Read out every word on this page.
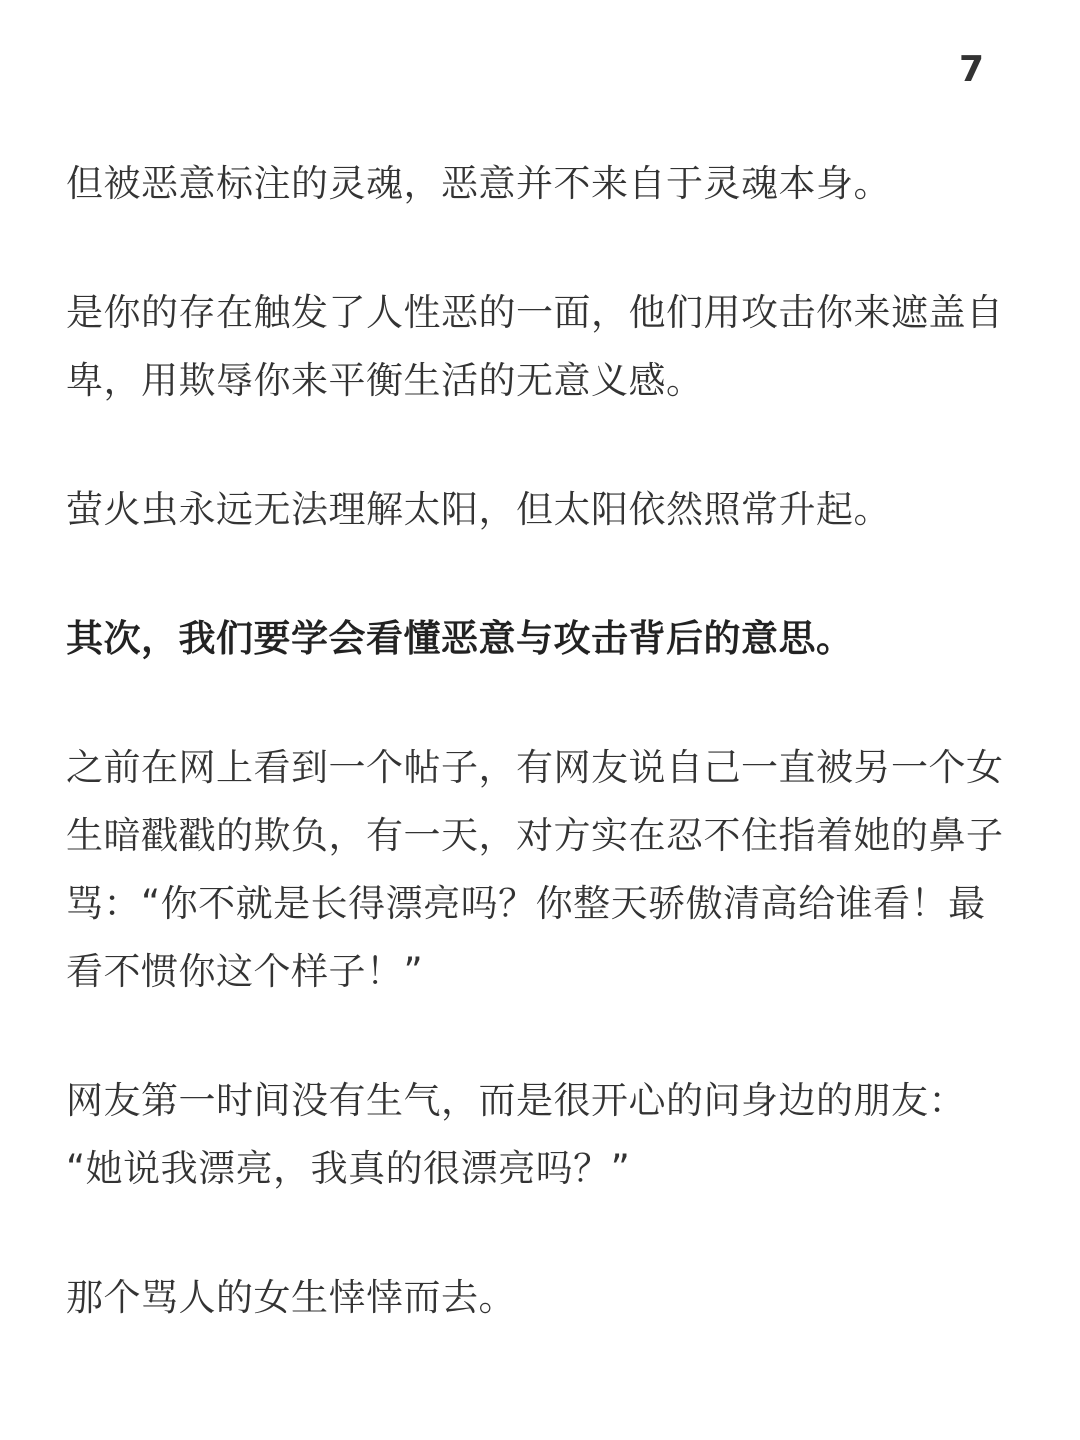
7

但被恶意标注的灵魂，恶意并不来自于灵魂本身。

是你的存在触发了人性恶的一面，他们用攻击你来遮盖自
卑，用欺辱你来平衡生活的无意义感。

萤火虫永远无法理解太阳，但太阳依然照常升起。

其次，我们要学会看懂恶意与攻击背后的意思。

之前在网上看到一个帖子，有网友说自己一直被另一个女
生暗戳戳的欺负，有一天，对方实在忍不住指着她的鼻子
骂：“你不就是长得漂亮吗？你整天骄傲清高给谁看！最
看不惯你这个样子！”

网友第一时间没有生气，而是很开心的问身边的朋友：
“她说我漂亮，我真的很漂亮吗？”

那个骂人的女生悻悻而去。
